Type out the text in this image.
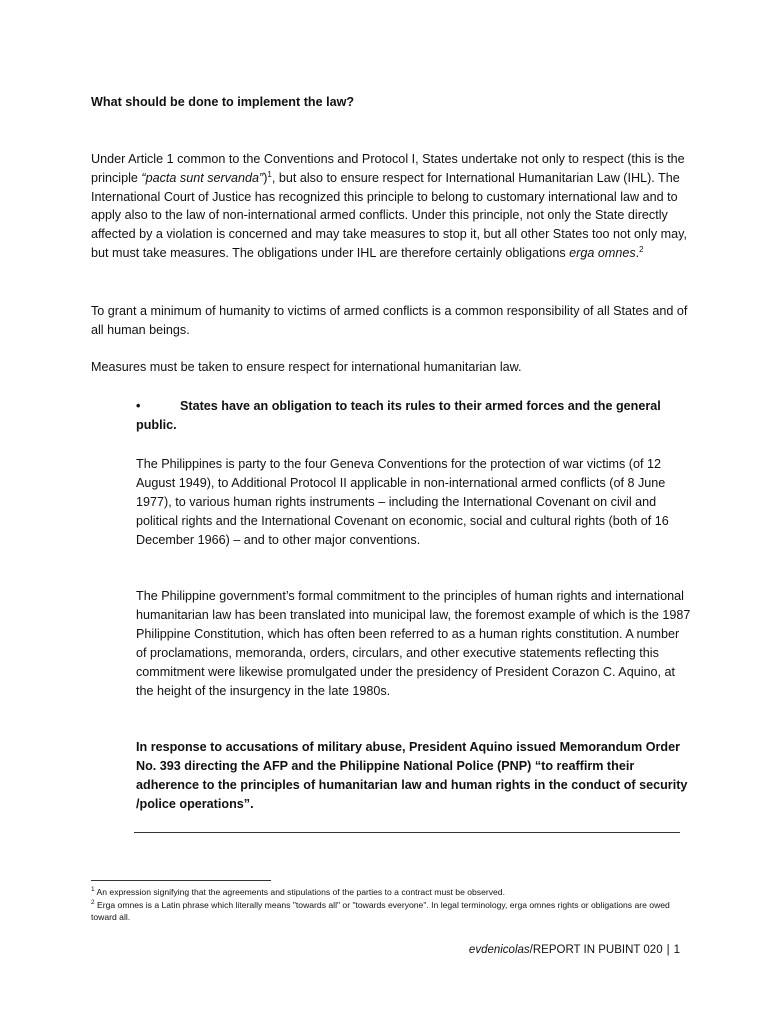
What should be done to implement the law?
Under Article 1 common to the Conventions and Protocol I, States undertake not only to respect (this is the principle “pacta sunt servanda”)$^1$, but also to ensure respect for International Humanitarian Law (IHL). The International Court of Justice has recognized this principle to belong to customary international law and to apply also to the law of non-international armed conflicts. Under this principle, not only the State directly affected by a violation is concerned and may take measures to stop it, but all other States too not only may, but must take measures. The obligations under IHL are therefore certainly obligations erga omnes.$^2$
To grant a minimum of humanity to victims of armed conflicts is a common responsibility of all States and of all human beings.
Measures must be taken to ensure respect for international humanitarian law.
•	States have an obligation to teach its rules to their armed forces and the general public.
The Philippines is party to the four Geneva Conventions for the protection of war victims (of 12 August 1949), to Additional Protocol II applicable in non-international armed conflicts (of 8 June 1977), to various human rights instruments – including the International Covenant on civil and political rights and the International Covenant on economic, social and cultural rights (both of 16 December 1966) – and to other major conventions.
The Philippine government’s formal commitment to the principles of human rights and international humanitarian law has been translated into municipal law, the foremost example of which is the 1987 Philippine Constitution, which has often been referred to as a human rights constitution. A number of proclamations, memoranda, orders, circulars, and other executive statements reflecting this commitment were likewise promulgated under the presidency of President Corazon C. Aquino, at the height of the insurgency in the late 1980s.
In response to accusations of military abuse, President Aquino issued Memorandum Order No. 393 directing the AFP and the Philippine National Police (PNP) “to reaffirm their adherence to the principles of humanitarian law and human rights in the conduct of security /police operations”.
$^1$ An expression signifying that the agreements and stipulations of the parties to a contract must be observed.
$^2$ Erga omnes is a Latin phrase which literally means "towards all" or "towards everyone". In legal terminology, erga omnes rights or obligations are owed toward all.
evdenicolas/REPORT IN PUBINT 020 | 1
